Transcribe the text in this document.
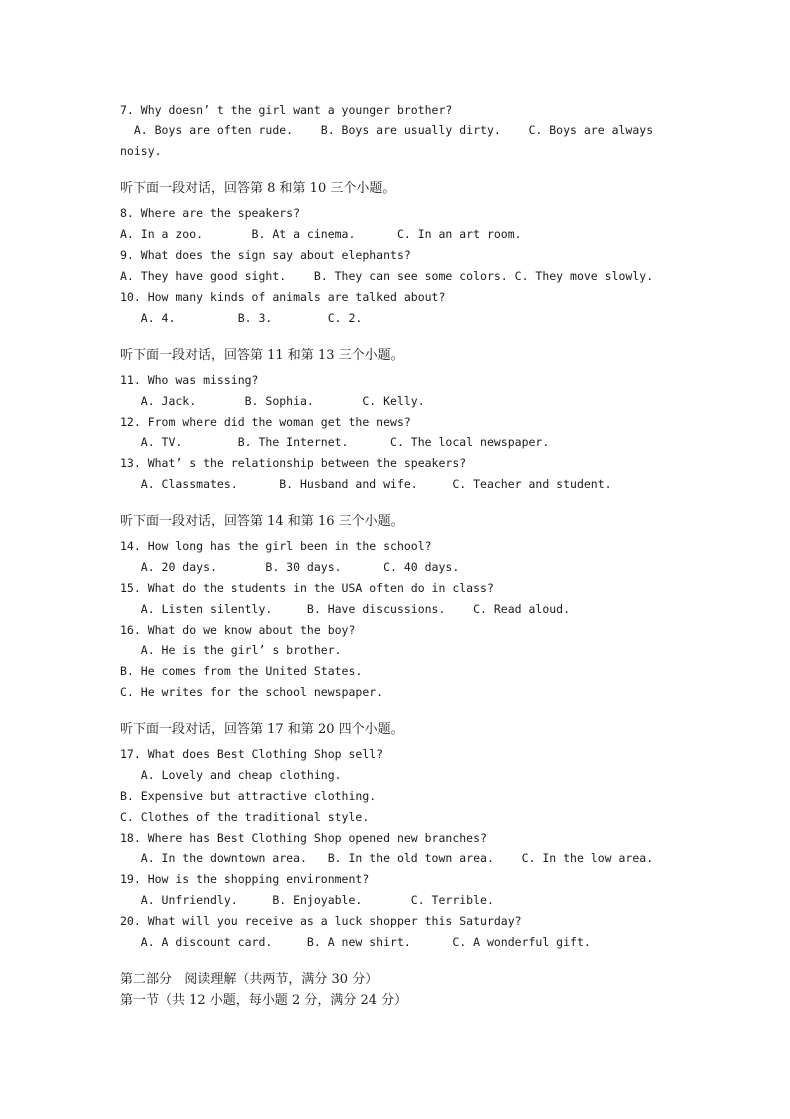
7. Why doesn’ t the girl want a younger brother?
A. Boys are often rude.    B. Boys are usually dirty.    C. Boys are always
noisy.
听下面一段对话，回答第 8 和第 10 三个小题。
8. Where are the speakers?
A. In a zoo.       B. At a cinema.      C. In an art room.
9. What does the sign say about elephants?
A. They have good sight.    B. They can see some colors. C. They move slowly.
10. How many kinds of animals are talked about?
A. 4.         B. 3.        C. 2.
听下面一段对话，回答第 11 和第 13 三个小题。
11. Who was missing?
A. Jack.       B. Sophia.       C. Kelly.
12. From where did the woman get the news?
A. TV.        B. The Internet.      C. The local newspaper.
13. What’ s the relationship between the speakers?
A. Classmates.      B. Husband and wife.     C. Teacher and student.
听下面一段对话，回答第 14 和第 16 三个小题。
14. How long has the girl been in the school?
A. 20 days.       B. 30 days.      C. 40 days.
15. What do the students in the USA often do in class?
A. Listen silently.     B. Have discussions.    C. Read aloud.
16. What do we know about the boy?
A. He is the girl’ s brother.
B. He comes from the United States.
C. He writes for the school newspaper.
听下面一段对话，回答第 17 和第 20 四个小题。
17. What does Best Clothing Shop sell?
A. Lovely and cheap clothing.
B. Expensive but attractive clothing.
C. Clothes of the traditional style.
18. Where has Best Clothing Shop opened new branches?
A. In the downtown area.   B. In the old town area.    C. In the low area.
19. How is the shopping environment?
A. Unfriendly.     B. Enjoyable.       C. Terrible.
20. What will you receive as a luck shopper this Saturday?
A. A discount card.     B. A new shirt.      C. A wonderful gift.
第二部分   阅读理解（共两节，满分 30 分）
第一节（共 12 小题，每小题 2 分，满分 24 分）
